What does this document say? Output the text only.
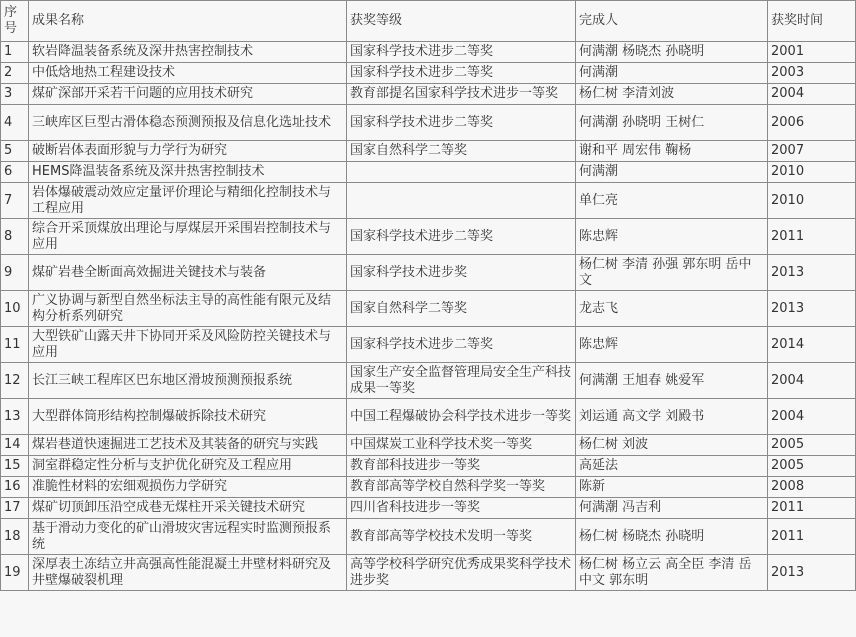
序号	成果名称	获奖等级	完成人	获奖时间
1	软岩降温装备系统及深井热害控制技术	国家科学技术进步二等奖	何满潮 杨晓杰 孙晓明	2001
2	中低焓地热工程建设技术	国家科学技术进步二等奖	何满潮	2003
3	煤矿深部开采若干问题的应用技术研究	教育部提名国家科学技术进步一等奖	杨仁树 李清刘波	2004
4	三峡库区巨型古滑体稳态预测预报及信息化选址技术	国家科学技术进步二等奖	何满潮 孙晓明 王树仁	2006
5	破断岩体表面形貌与力学行为研究	国家自然科学二等奖	谢和平 周宏伟 鞠杨	2007
6	HEMS降温装备系统及深井热害控制技术		何满潮	2010
7	岩体爆破震动效应定量评价理论与精细化控制技术与工程应用		单仁亮	2010
8	综合开采顶煤放出理论与厚煤层开采围岩控制技术与应用	国家科学技术进步二等奖	陈忠辉	2011
9	煤矿岩巷全断面高效掘进关键技术与装备	国家科学技术进步奖	杨仁树 李清 孙强 郭东明 岳中文	2013
10	广义协调与新型自然坐标法主导的高性能有限元及结构分析系列研究	国家自然科学二等奖	龙志飞	2013
11	大型铁矿山露天井下协同开采及风险防控关键技术与应用	国家科学技术进步二等奖	陈忠辉	2014
12	长江三峡工程库区巴东地区滑坡预测预报系统	国家生产安全监督管理局安全生产科技成果一等奖	何满潮 王旭春 姚爱军	2004
13	大型群体筒形结构控制爆破拆除技术研究	中国工程爆破协会科学技术进步一等奖	刘运通 高文学 刘殿书	2004
14	煤岩巷道快速掘进工艺技术及其装备的研究与实践	中国煤炭工业科学技术奖一等奖	杨仁树 刘波	2005
15	洞室群稳定性分析与支护优化研究及工程应用	教育部科技进步一等奖	高延法	2005
16	准脆性材料的宏细观损伤力学研究	教育部高等学校自然科学奖一等奖	陈新	2008
17	煤矿切顶卸压沿空成巷无煤柱开采关键技术研究	四川省科技进步一等奖	何满潮 冯吉利	2011
18	基于滑动力变化的矿山滑坡灾害远程实时监测预报系统	教育部高等学校技术发明一等奖	杨仁树 杨晓杰 孙晓明	2011
19	深厚表土冻结立井高强高性能混凝土井壁材料研究及井壁爆破裂机理	高等学校科学研究优秀成果奖科学技术进步奖	杨仁树 杨立云 高全臣 李清 岳中文 郭东明	2013
